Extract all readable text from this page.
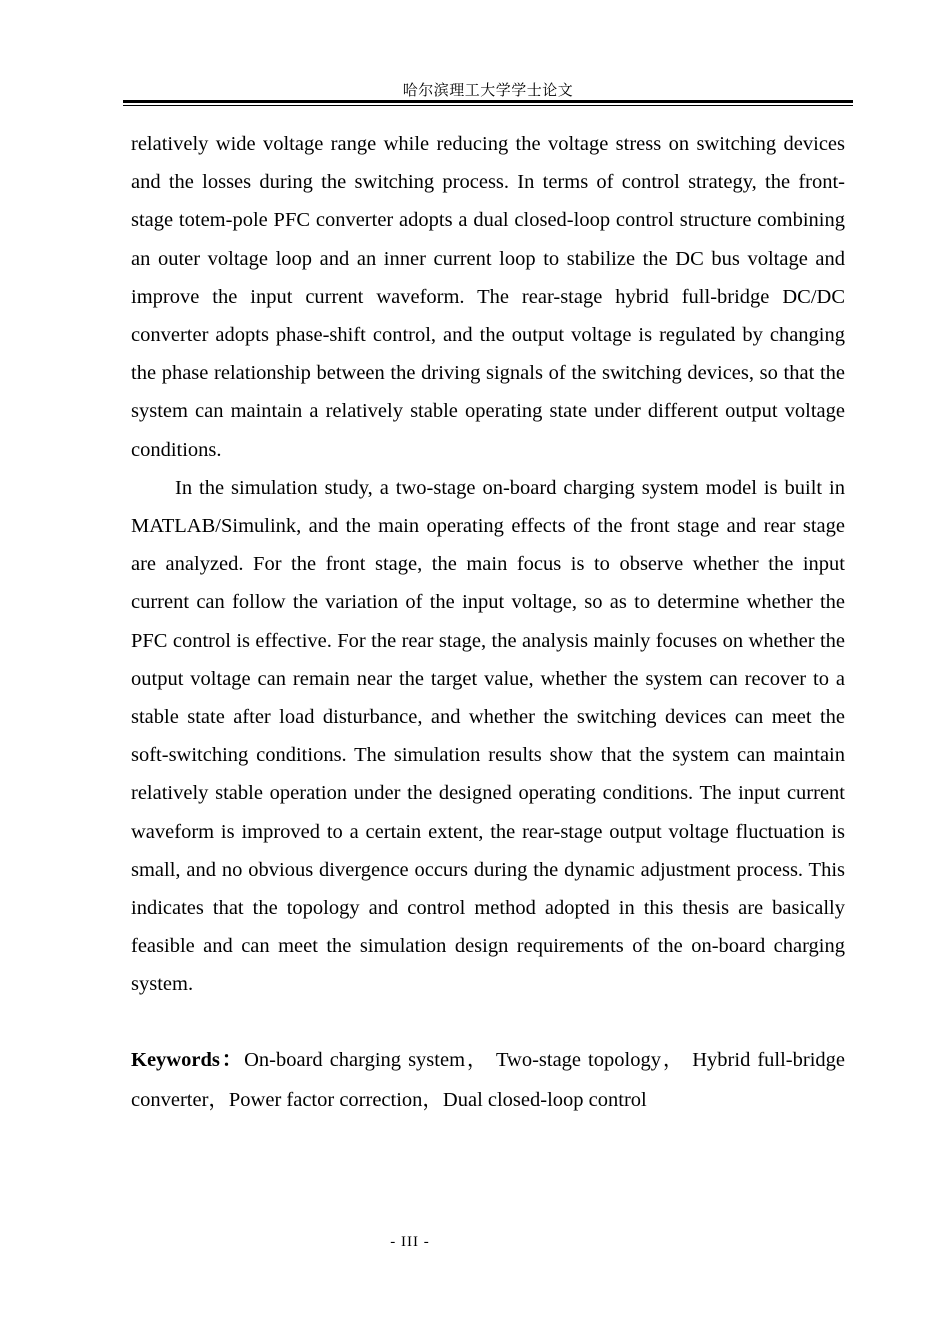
哈尔滨理工大学学士论文

relatively wide voltage range while reducing the voltage stress on switching devices and the losses during the switching process. In terms of control strategy, the front-stage totem-pole PFC converter adopts a dual closed-loop control structure combining an outer voltage loop and an inner current loop to stabilize the DC bus voltage and improve the input current waveform. The rear-stage hybrid full-bridge DC/DC converter adopts phase-shift control, and the output voltage is regulated by changing the phase relationship between the driving signals of the switching devices, so that the system can maintain a relatively stable operating state under different output voltage conditions.

In the simulation study, a two-stage on-board charging system model is built in MATLAB/Simulink, and the main operating effects of the front stage and rear stage are analyzed. For the front stage, the main focus is to observe whether the input current can follow the variation of the input voltage, so as to determine whether the PFC control is effective. For the rear stage, the analysis mainly focuses on whether the output voltage can remain near the target value, whether the system can recover to a stable state after load disturbance, and whether the switching devices can meet the soft-switching conditions. The simulation results show that the system can maintain relatively stable operation under the designed operating conditions. The input current waveform is improved to a certain extent, the rear-stage output voltage fluctuation is small, and no obvious divergence occurs during the dynamic adjustment process. This indicates that the topology and control method adopted in this thesis are basically feasible and can meet the simulation design requirements of the on-board charging system.

Keywords：On-board charging system， Two-stage topology， Hybrid full-bridge converter，Power factor correction，Dual closed-loop control

- III -
